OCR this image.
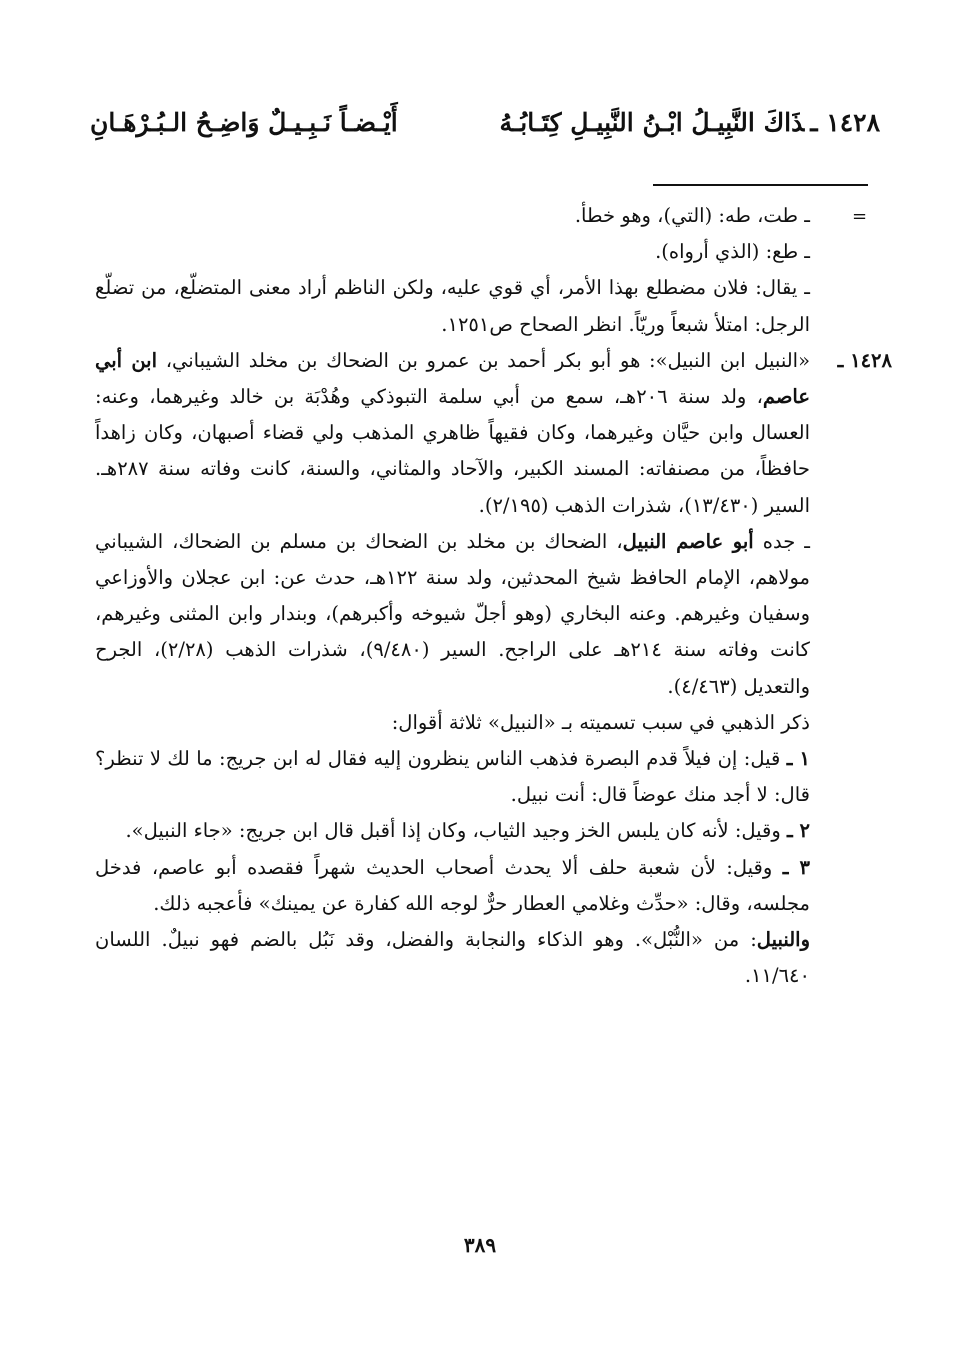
١٤٢٨ ـذَاكَ النَّبِيـلُ ابْـنُ النَّبِيـلِ كِتَـابُـهُ
أَيْـضـاً نَـبِـيـلٌ وَاضِـحُ الـبُـرْهَـانِ
=

ـ طت، طه: (التي)، وهو خطأ.

ـ طع: (الذي أرواه).

ـ يقال: فلان مضطلع بهذا الأمر، أي قوي عليه، ولكن الناظم أراد معنى المتضلّع، من تضلّع الرجل: امتلأ شبعاً وريّاً. انظر الصحاح ص١٢٥١.

١٤٢٨ ـ
«النبيل ابن النبيل»: هو أبو بكر أحمد بن عمرو بن الضحاك بن مخلد الشيباني، ابن أبي عاصم، ولد سنة ٢٠٦هـ، سمع من أبي سلمة التبوذكي وهُدْبَة بن خالد وغيرهما، وعنه: العسال وابن حيَّان وغيرهما، وكان فقيهاً ظاهري المذهب ولي قضاء أصبهان، وكان زاهداً حافظاً، من مصنفاته: المسند الكبير، والآحاد والمثاني، والسنة، كانت وفاته سنة ٢٨٧هـ. السير (١٣/٤٣٠)، شذرات الذهب (٢/١٩٥).

ـ جده أبو عاصم النبيل، الضحاك بن مخلد بن الضحاك بن مسلم بن الضحاك، الشيباني مولاهم، الإمام الحافظ شيخ المحدثين، ولد سنة ١٢٢هـ، حدث عن: ابن عجلان والأوزاعي وسفيان وغيرهم. وعنه البخاري (وهو أجلّ شيوخه وأكبرهم)، وبندار وابن المثنى وغيرهم، كانت وفاته سنة ٢١٤هـ على الراجح. السير (٩/٤٨٠)، شذرات الذهب (٢/٢٨)، الجرح والتعديل (٤/٤٦٣).

ذكر الذهبي في سبب تسميته بـ «النبيل» ثلاثة أقوال:

١ ـ قيل: إن فيلاً قدم البصرة فذهب الناس ينظرون إليه فقال له ابن جريج: ما لك لا تنظر؟ قال: لا أجد منك عوضاً قال: أنت نبيل.

٢ ـ وقيل: لأنه كان يلبس الخز وجيد الثياب، وكان إذا أقبل قال ابن جريج: «جاء النبيل».

٣ ـ وقيل: لأن شعبة حلف ألا يحدث أصحاب الحديث شهراً فقصده أبو عاصم، فدخل مجلسه، وقال: «حدِّث وغلامي العطار حرٌّ لوجه الله كفارة عن يمينك» فأعجبه ذلك.

والنبيل: من «النُّبْل». وهو الذكاء والنجابة والفضل، وقد نَبُل بالضم فهو نبيلٌ. اللسان ١١/٦٤٠.

٣٨٩
